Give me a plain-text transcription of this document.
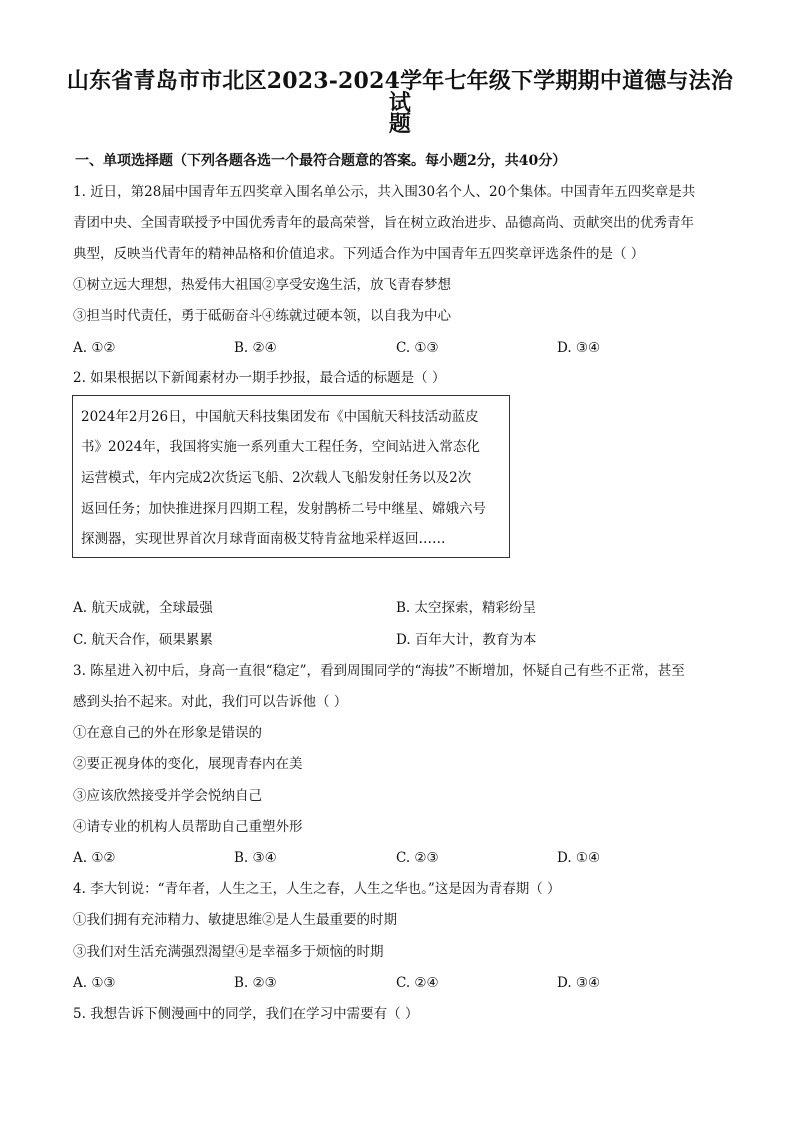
山东省青岛市市北区2023-2024学年七年级下学期期中道德与法治试
题
一、单项选择题（下列各题各选一个最符合题意的答案。每小题2分，共40分）
1. 近日，第28届中国青年五四奖章入围名单公示，共入围30名个人、20个集体。中国青年五四奖章是共
青团中央、全国青联授予中国优秀青年的最高荣誉，旨在树立政治进步、品德高尚、贡献突出的优秀青年
典型，反映当代青年的精神品格和价值追求。下列适合作为中国青年五四奖章评选条件的是（ ）
①树立远大理想，热爱伟大祖国②享受安逸生活，放飞青春梦想
③担当时代责任，勇于砥砺奋斗④练就过硬本领，以自我为中心
A. ①②	B. ②④	C. ①③	D. ③④
2. 如果根据以下新闻素材办一期手抄报，最合适的标题是（ ）
2024年2月26日，中国航天科技集团发布《中国航天科技活动蓝皮
书》2024年，我国将实施一系列重大工程任务，空间站进入常态化
运营模式，年内完成2次货运飞船、2次载人飞船发射任务以及2次
返回任务；加快推进探月四期工程，发射鹊桥二号中继星、嫦娥六号
探测器，实现世界首次月球背面南极艾特肯盆地采样返回……
A. 航天成就，全球最强	B. 太空探索，精彩纷呈
C. 航天合作，硕果累累	D. 百年大计，教育为本
3. 陈星进入初中后，身高一直很“稳定”，看到周围同学的“海拔”不断增加，怀疑自己有些不正常，甚至
感到头抬不起来。对此，我们可以告诉他（ ）
①在意自己的外在形象是错误的
②要正视身体的变化，展现青春内在美
③应该欣然接受并学会悦纳自己
④请专业的机构人员帮助自己重塑外形
A. ①②	B. ③④	C. ②③	D. ①④
4. 李大钊说：“青年者，人生之王，人生之春，人生之华也。”这是因为青春期（ ）
①我们拥有充沛精力、敏捷思维②是人生最重要的时期
③我们对生活充满强烈渴望④是幸福多于烦恼的时期
A. ①③	B. ②③	C. ②④	D. ③④
5. 我想告诉下侧漫画中的同学，我们在学习中需要有（ ）
